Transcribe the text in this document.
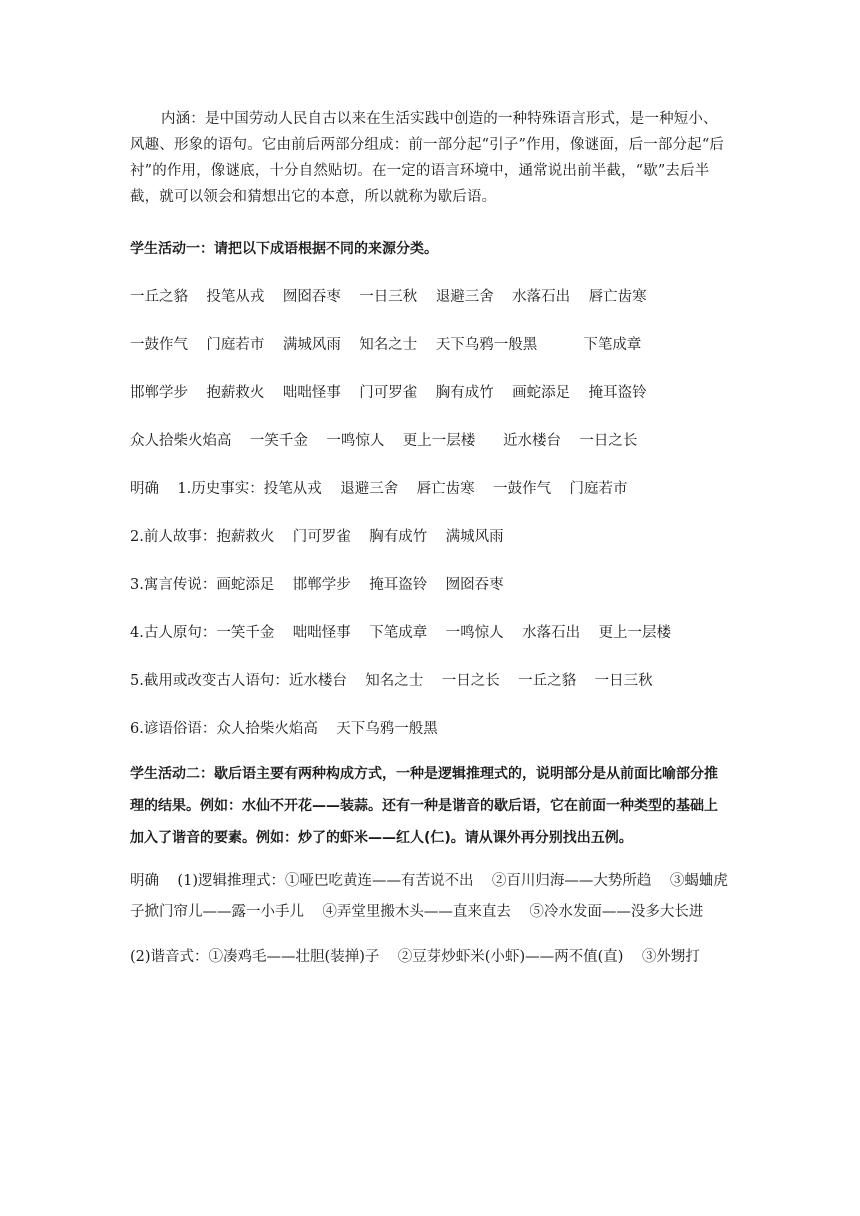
内涵：是中国劳动人民自古以来在生活实践中创造的一种特殊语言形式，是一种短小、风趣、形象的语句。它由前后两部分组成：前一部分起“引子”作用，像谜面，后一部分起“后衬”的作用，像谜底，十分自然贴切。在一定的语言环境中，通常说出前半截，“歇”去后半截，就可以领会和猜想出它的本意，所以就称为歇后语。

学生活动一：请把以下成语根据不同的来源分类。

一丘之貉    投笔从戎    囫囵吞枣    一日三秋    退避三舍    水落石出    唇亡齿寒

一鼓作气    门庭若市    满城风雨    知名之士    天下乌鸦一般黑          下笔成章

邯郸学步    抱薪救火    咄咄怪事    门可罗雀    胸有成竹    画蛇添足    掩耳盗铃

众人拾柴火焰高    一笑千金    一鸣惊人    更上一层楼      近水楼台    一日之长

明确    1.历史事实：投笔从戎    退避三舍    唇亡齿寒    一鼓作气    门庭若市

2.前人故事：抱薪救火    门可罗雀    胸有成竹    满城风雨

3.寓言传说：画蛇添足    邯郸学步    掩耳盗铃    囫囵吞枣

4.古人原句：一笑千金    咄咄怪事    下笔成章    一鸣惊人    水落石出    更上一层楼

5.截用或改变古人语句：近水楼台    知名之士    一日之长    一丘之貉    一日三秋

6.谚语俗语：众人拾柴火焰高    天下乌鸦一般黑

学生活动二：歇后语主要有两种构成方式，一种是逻辑推理式的，说明部分是从前面比喻部分推理的结果。例如：水仙不开花——装蒜。还有一种是谐音的歇后语，它在前面一种类型的基础上加入了谐音的要素。例如：炒了的虾米——红人(仁)。请从课外再分别找出五例。

明确    (1)逻辑推理式：①哑巴吃黄连——有苦说不出    ②百川归海——大势所趋    ③蝎蛐虎子掀门帘儿——露一小手儿    ④弄堂里搬木头——直来直去    ⑤冷水发面——没多大长进

(2)谐音式：①凑鸡毛——壮胆(装掸)子    ②豆芽炒虾米(小虾)——两不值(直)    ③外甥打
